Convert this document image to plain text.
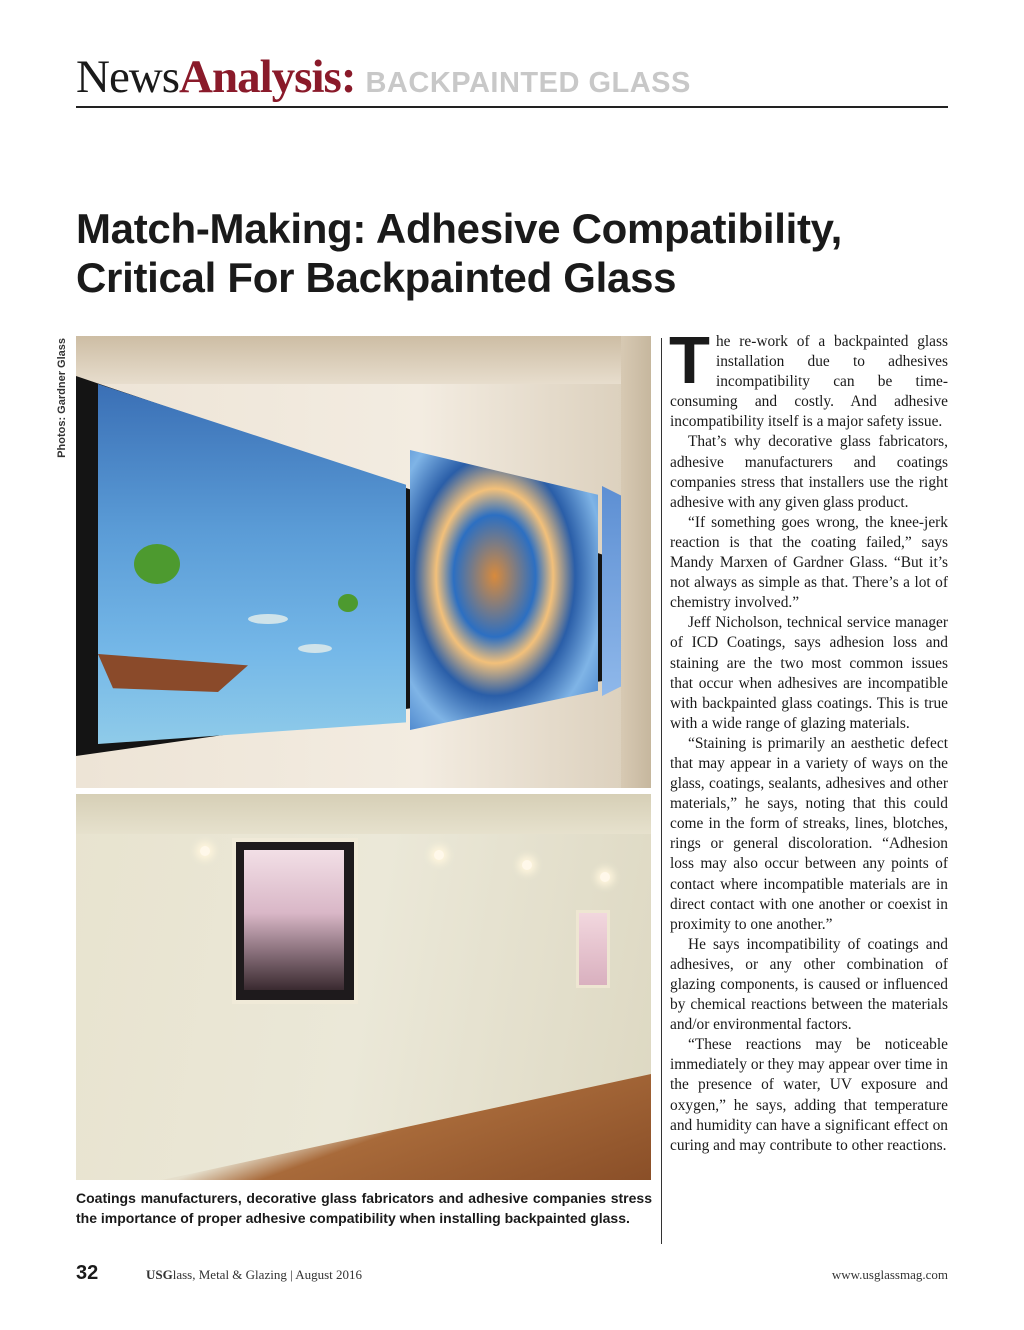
NewsAnalysis: BACKPAINTED GLASS
Match-Making: Adhesive Compatibility,
Critical For Backpainted Glass
Photos: Gardner Glass
Coatings manufacturers, decorative glass fabricators and adhesive companies stress the importance of proper adhesive compatibility when installing backpainted glass.

The re-work of a backpainted glass installation due to adhesives incompatibility can be time-consuming and costly. And adhesive incompatibility itself is a major safety issue.

That’s why decorative glass fabricators, adhesive manufacturers and coatings companies stress that installers use the right adhesive with any given glass product.

“If something goes wrong, the knee-jerk reaction is that the coating failed,” says Mandy Marxen of Gardner Glass. “But it’s not always as simple as that. There’s a lot of chemistry involved.”

Jeff Nicholson, technical service manager of ICD Coatings, says adhesion loss and staining are the two most common issues that occur when adhesives are incompatible with backpainted glass coatings. This is true with a wide range of glazing materials.

“Staining is primarily an aesthetic defect that may appear in a variety of ways on the glass, coatings, sealants, adhesives and other materials,” he says, noting that this could come in the form of streaks, lines, blotches, rings or general discoloration. “Adhesion loss may also occur between any points of contact where incompatible materials are in direct contact with one another or coexist in proximity to one another.”

He says incompatibility of coatings and adhesives, or any other combination of glazing components, is caused or influenced by chemical reactions between the materials and/or environmental factors.

“These reactions may be noticeable immediately or they may appear over time in the presence of water, UV exposure and oxygen,” he says, adding that temperature and humidity can have a significant effect on curing and may contribute to other reactions.

32	USGlass, Metal & Glazing | August 2016	www.usglassmag.com
